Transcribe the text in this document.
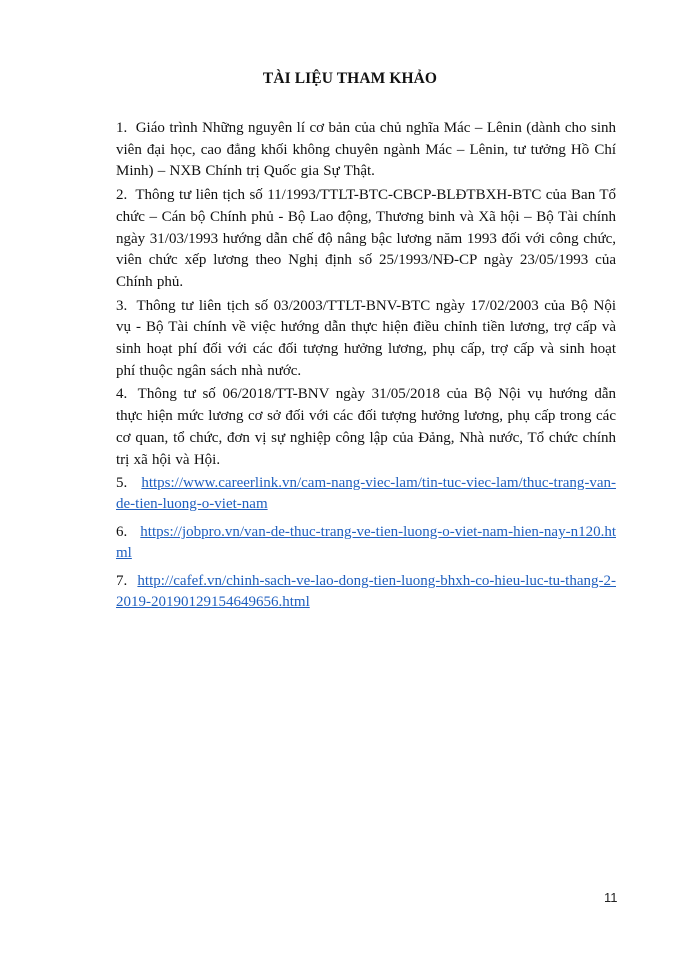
TÀI LIỆU THAM KHẢO
1. Giáo trình Những nguyên lí cơ bản của chủ nghĩa Mác – Lênin (dành cho sinh viên đại học, cao đẳng khối không chuyên ngành Mác – Lênin, tư tưởng Hồ Chí Minh) – NXB Chính trị Quốc gia Sự Thật.
2. Thông tư liên tịch số 11/1993/TTLT-BTC-CBCP-BLĐTBXH-BTC của Ban Tổ chức – Cán bộ Chính phủ - Bộ Lao động, Thương binh và Xã hội – Bộ Tài chính ngày 31/03/1993 hướng dẫn chế độ nâng bậc lương năm 1993 đối với công chức, viên chức xếp lương theo Nghị định số 25/1993/NĐ-CP ngày 23/05/1993 của Chính phủ.
3. Thông tư liên tịch số 03/2003/TTLT-BNV-BTC ngày 17/02/2003 của Bộ Nội vụ - Bộ Tài chính về việc hướng dẫn thực hiện điều chỉnh tiền lương, trợ cấp và sinh hoạt phí đối với các đối tượng hưởng lương, phụ cấp, trợ cấp và sinh hoạt phí thuộc ngân sách nhà nước.
4. Thông tư số 06/2018/TT-BNV ngày 31/05/2018 của Bộ Nội vụ hướng dẫn thực hiện mức lương cơ sở đối với các đối tượng hưởng lương, phụ cấp trong các cơ quan, tổ chức, đơn vị sự nghiệp công lập của Đảng, Nhà nước, Tổ chức chính trị xã hội và Hội.
5. https://www.careerlink.vn/cam-nang-viec-lam/tin-tuc-viec-lam/thuc-trang-van-de-tien-luong-o-viet-nam
6. https://jobpro.vn/van-de-thuc-trang-ve-tien-luong-o-viet-nam-hien-nay-n120.html
7. http://cafef.vn/chinh-sach-ve-lao-dong-tien-luong-bhxh-co-hieu-luc-tu-thang-2-2019-20190129154649656.html
11
